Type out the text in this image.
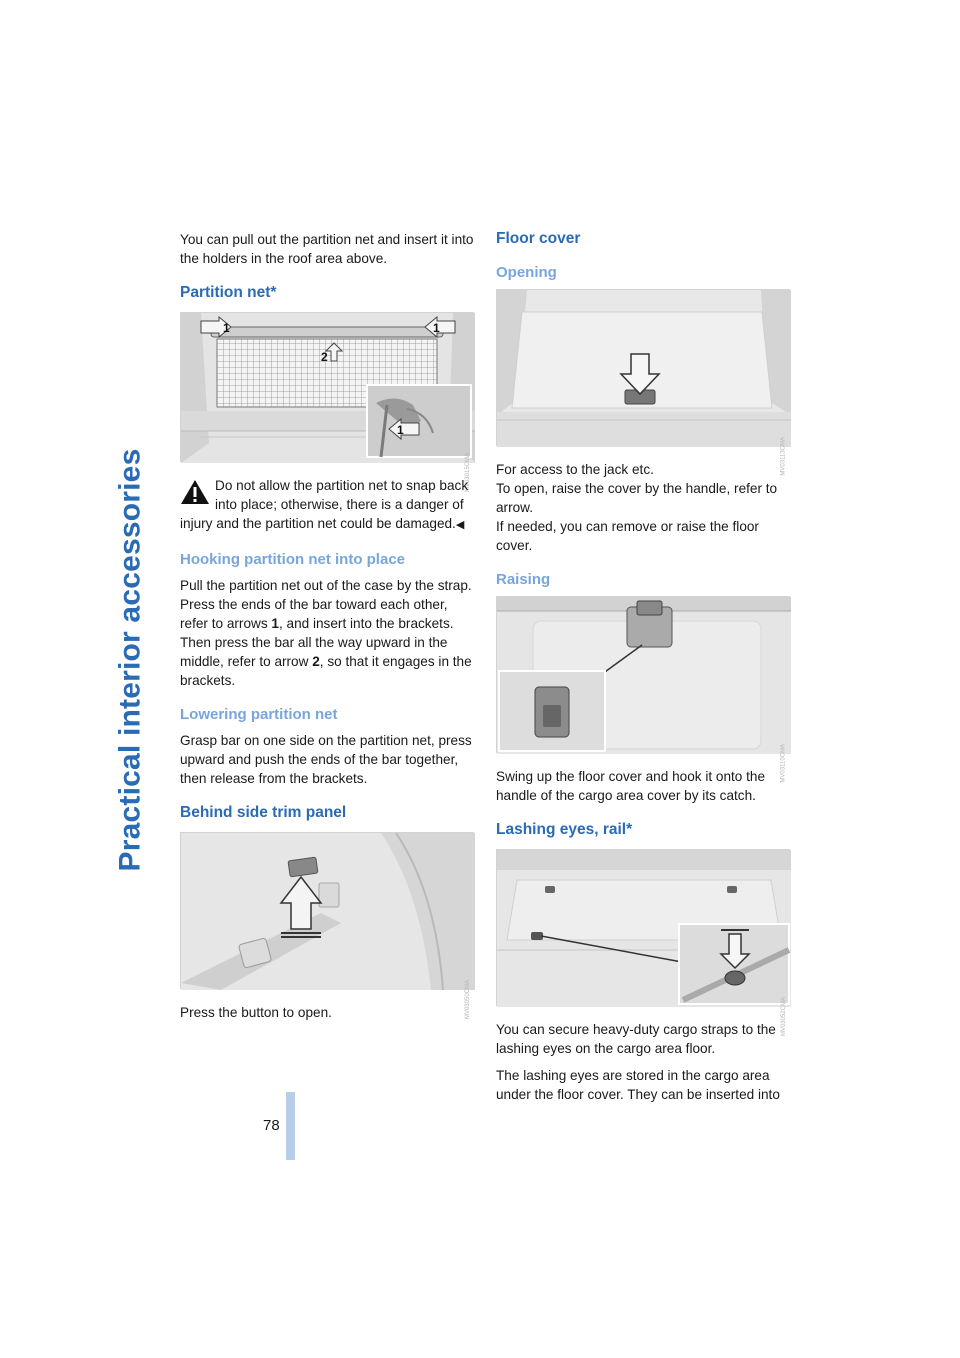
Practical interior accessories

You can pull out the partition net and insert it into the holders in the roof area above.

Partition net*
1
2
1
1
MV03015CMA
Do not allow the partition net to snap back
into place; otherwise, there is a danger of
injury and the partition net could be damaged.◀
Hooking partition net into place

Pull the partition net out of the case by the strap. Press the ends of the bar toward each other, refer to arrows 1, and insert into the brackets. Then press the bar all the way upward in the middle, refer to arrow 2, so that it engages in the brackets.

Lowering partition net

Grasp bar on one side on the partition net, press upward and push the ends of the bar together, then release from the brackets.

Behind side trim panel
MV03050CMA

Press the button to open.

Floor cover
Opening
MV03113CMA

For access to the jack etc.
To open, raise the cover by the handle, refer to arrow.
If needed, you can remove or raise the floor cover.

Raising
MV03110CMA

Swing up the floor cover and hook it onto the handle of the cargo area cover by its catch.

Lashing eyes, rail*
MV03052CMA

You can secure heavy-duty cargo straps to the lashing eyes on the cargo area floor.

The lashing eyes are stored in the cargo area under the floor cover. They can be inserted into

78
